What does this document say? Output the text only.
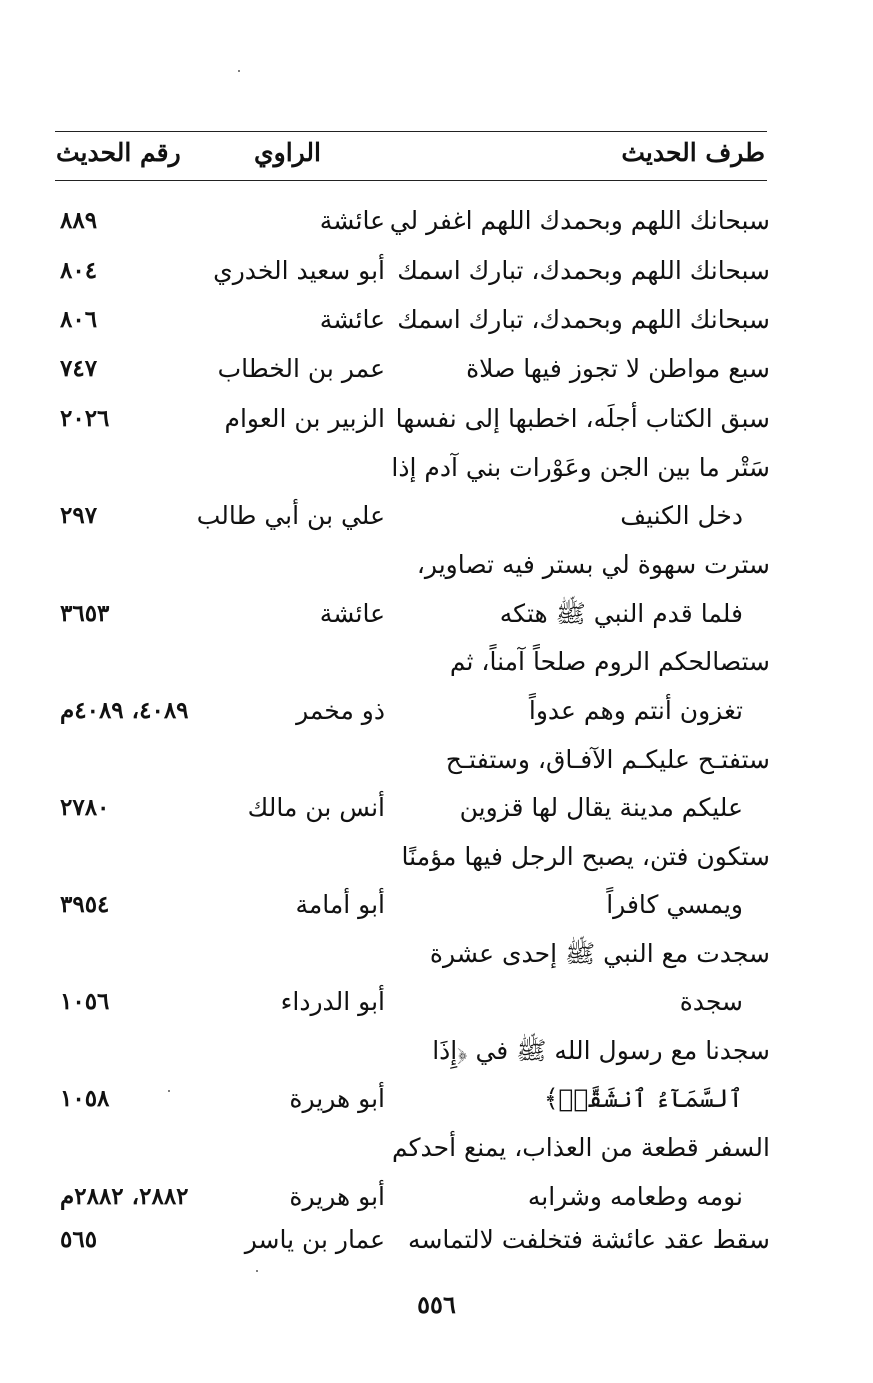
طرف الحديث
الراوي
رقم الحديث
سبحانك اللهم وبحمدك اللهم اغفر لي
عائشة
٨٨٩
سبحانك اللهم وبحمدك، تبارك اسمك
أبو سعيد الخدري
٨٠٤
سبحانك اللهم وبحمدك، تبارك اسمك
عائشة
٨٠٦
سبع مواطن لا تجوز فيها صلاة
عمر بن الخطاب
٧٤٧
سبق الكتاب أجلَه، اخطبها إلى نفسها
الزبير بن العوام
٢٠٢٦
سَتْر ما بين الجن وعَوْرات بني آدم إذا
دخل الكنيف
علي بن أبي طالب
٢٩٧
سترت سهوة لي بستر فيه تصاوير،
فلما قدم النبي ﷺ هتكه
عائشة
٣٦٥٣
ستصالحكم الروم صلحاً آمناً، ثم
تغزون أنتم وهم عدواً
ذو مخمر
٤٠٨٩، ٤٠٨٩م
ستفتـح عليكـم الآفـاق، وستفتـح
عليكم مدينة يقال لها قزوين
أنس بن مالك
٢٧٨٠
ستكون فتن، يصبح الرجل فيها مؤمنًا
ويمسي كافراً
أبو أمامة
٣٩٥٤
سجدت مع النبي ﷺ إحدى عشرة
سجدة
أبو الدرداء
١٠٥٦
سجدنا مع رسول الله ﷺ في ﴿إِذَا
ٱلسَّمَآءُ ٱنشَقَّتۡ﴾
أبو هريرة
١٠٥٨
السفر قطعة من العذاب، يمنع أحدكم
نومه وطعامه وشرابه
أبو هريرة
٢٨٨٢، ٢٨٨٢م
سقط عقد عائشة فتخلفت لالتماسه
عمار بن ياسر
٥٦٥
٥٥٦
